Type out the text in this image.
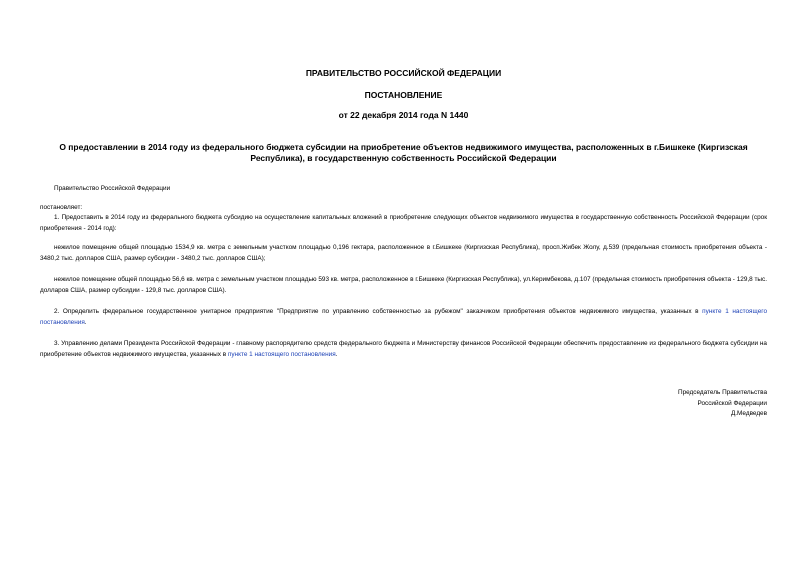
ПРАВИТЕЛЬСТВО РОССИЙСКОЙ ФЕДЕРАЦИИ
ПОСТАНОВЛЕНИЕ
от 22 декабря 2014 года N 1440
О предоставлении в 2014 году из федерального бюджета субсидии на приобретение объектов недвижимого имущества, расположенных в г.Бишкеке (Киргизская Республика), в государственную собственность Российской Федерации
Правительство Российской Федерации
постановляет:
1. Предоставить в 2014 году из федерального бюджета субсидию на осуществление капитальных вложений в приобретение следующих объектов недвижимого имущества в государственную собственность Российской Федерации (срок приобретения - 2014 год):
нежилое помещение общей площадью 1534,9 кв. метра с земельным участком площадью 0,196 гектара, расположенное в г.Бишкеке (Киргизская Республика), просп.Жибек Жолу, д.539 (предельная стоимость приобретения объекта - 3480,2 тыс. долларов США, размер субсидии - 3480,2 тыс. долларов США);
нежилое помещение общей площадью 56,6 кв. метра с земельным участком площадью 593 кв. метра, расположенное в г.Бишкеке (Киргизская Республика), ул.Керимбекова, д.107 (предельная стоимость приобретения объекта - 129,8 тыс. долларов США, размер субсидии - 129,8 тыс. долларов США).
2. Определить федеральное государственное унитарное предприятие "Предприятие по управлению собственностью за рубежом" заказчиком приобретения объектов недвижимого имущества, указанных в пункте 1 настоящего постановления.
3. Управлению делами Президента Российской Федерации - главному распорядителю средств федерального бюджета и Министерству финансов Российской Федерации обеспечить предоставление из федерального бюджета субсидии на приобретение объектов недвижимого имущества, указанных в пункте 1 настоящего постановления.
Председатель Правительства
Российской Федерации
Д.Медведев
